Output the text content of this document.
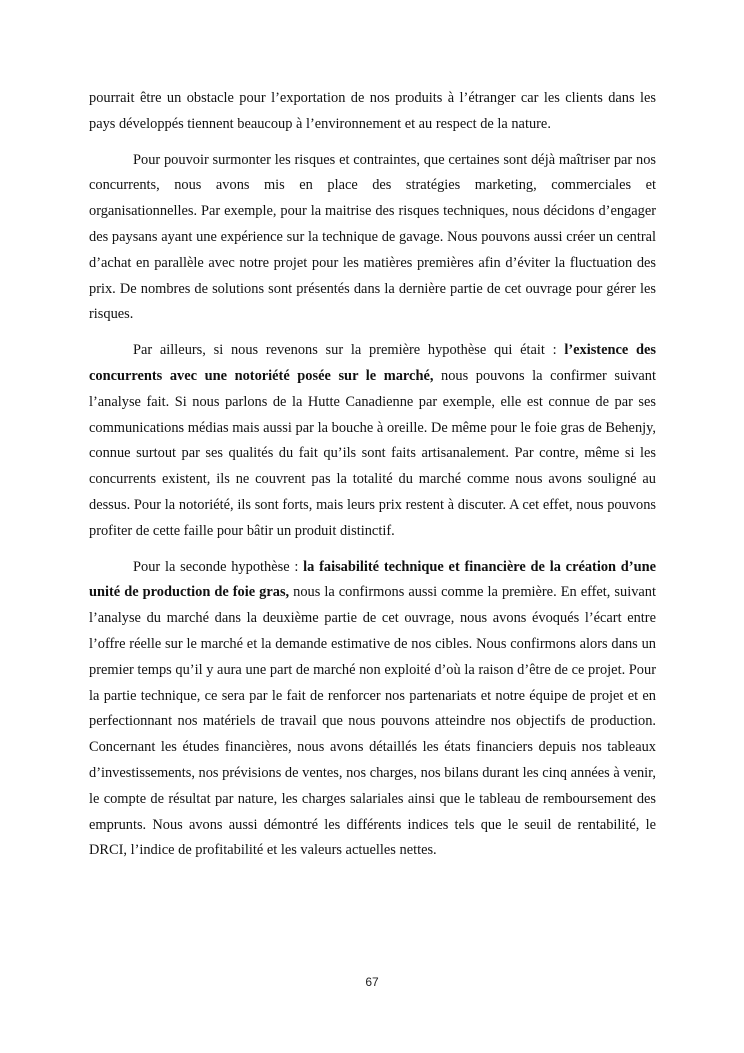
pourrait être un obstacle pour l’exportation de nos produits à l’étranger car les clients dans les pays développés tiennent beaucoup à l’environnement et au respect de la nature.

Pour pouvoir surmonter les risques et contraintes, que certaines sont déjà maîtriser par nos concurrents, nous avons mis en place des stratégies marketing, commerciales et organisationnelles. Par exemple, pour la maitrise des risques techniques, nous décidons d’engager des paysans ayant une expérience sur la technique de gavage. Nous pouvons aussi créer un central d’achat en parallèle avec notre projet pour les matières premières afin d’éviter la fluctuation des prix. De nombres de solutions sont présentés dans la dernière partie de cet ouvrage pour gérer les risques.

Par ailleurs, si nous revenons sur la première hypothèse qui était : l’existence des concurrents avec une notoriété posée sur le marché, nous pouvons la confirmer suivant l’analyse fait. Si nous parlons de la Hutte Canadienne par exemple, elle est connue de par ses communications médias mais aussi par la bouche à oreille. De même pour le foie gras de Behenjy, connue surtout par ses qualités du fait qu’ils sont faits artisanalement. Par contre, même si les concurrents existent, ils ne couvrent pas la totalité du marché comme nous avons souligné au dessus. Pour la notoriété, ils sont forts, mais leurs prix restent à discuter. A cet effet, nous pouvons profiter de cette faille pour bâtir un produit distinctif.

Pour la seconde hypothèse : la faisabilité technique et financière de la création d’une unité de production de foie gras, nous la confirmons aussi comme la première. En effet, suivant l’analyse du marché dans la deuxième partie de cet ouvrage, nous avons évoqués l’écart entre l’offre réelle sur le marché et la demande estimative de nos cibles. Nous confirmons alors dans un premier temps qu’il y aura une part de marché non exploité d’où la raison d’être de ce projet. Pour la partie technique, ce sera par le fait de renforcer nos partenariats et notre équipe de projet et en perfectionnant nos matériels de travail que nous pouvons atteindre nos objectifs de production. Concernant les études financières, nous avons détaillés les états financiers depuis nos tableaux d’investissements, nos prévisions de ventes, nos charges, nos bilans durant les cinq années à venir, le compte de résultat par nature, les charges salariales ainsi que le tableau de remboursement des emprunts. Nous avons aussi démontré les différents indices tels que le seuil de rentabilité, le DRCI, l’indice de profitabilité et les valeurs actuelles nettes.

67
